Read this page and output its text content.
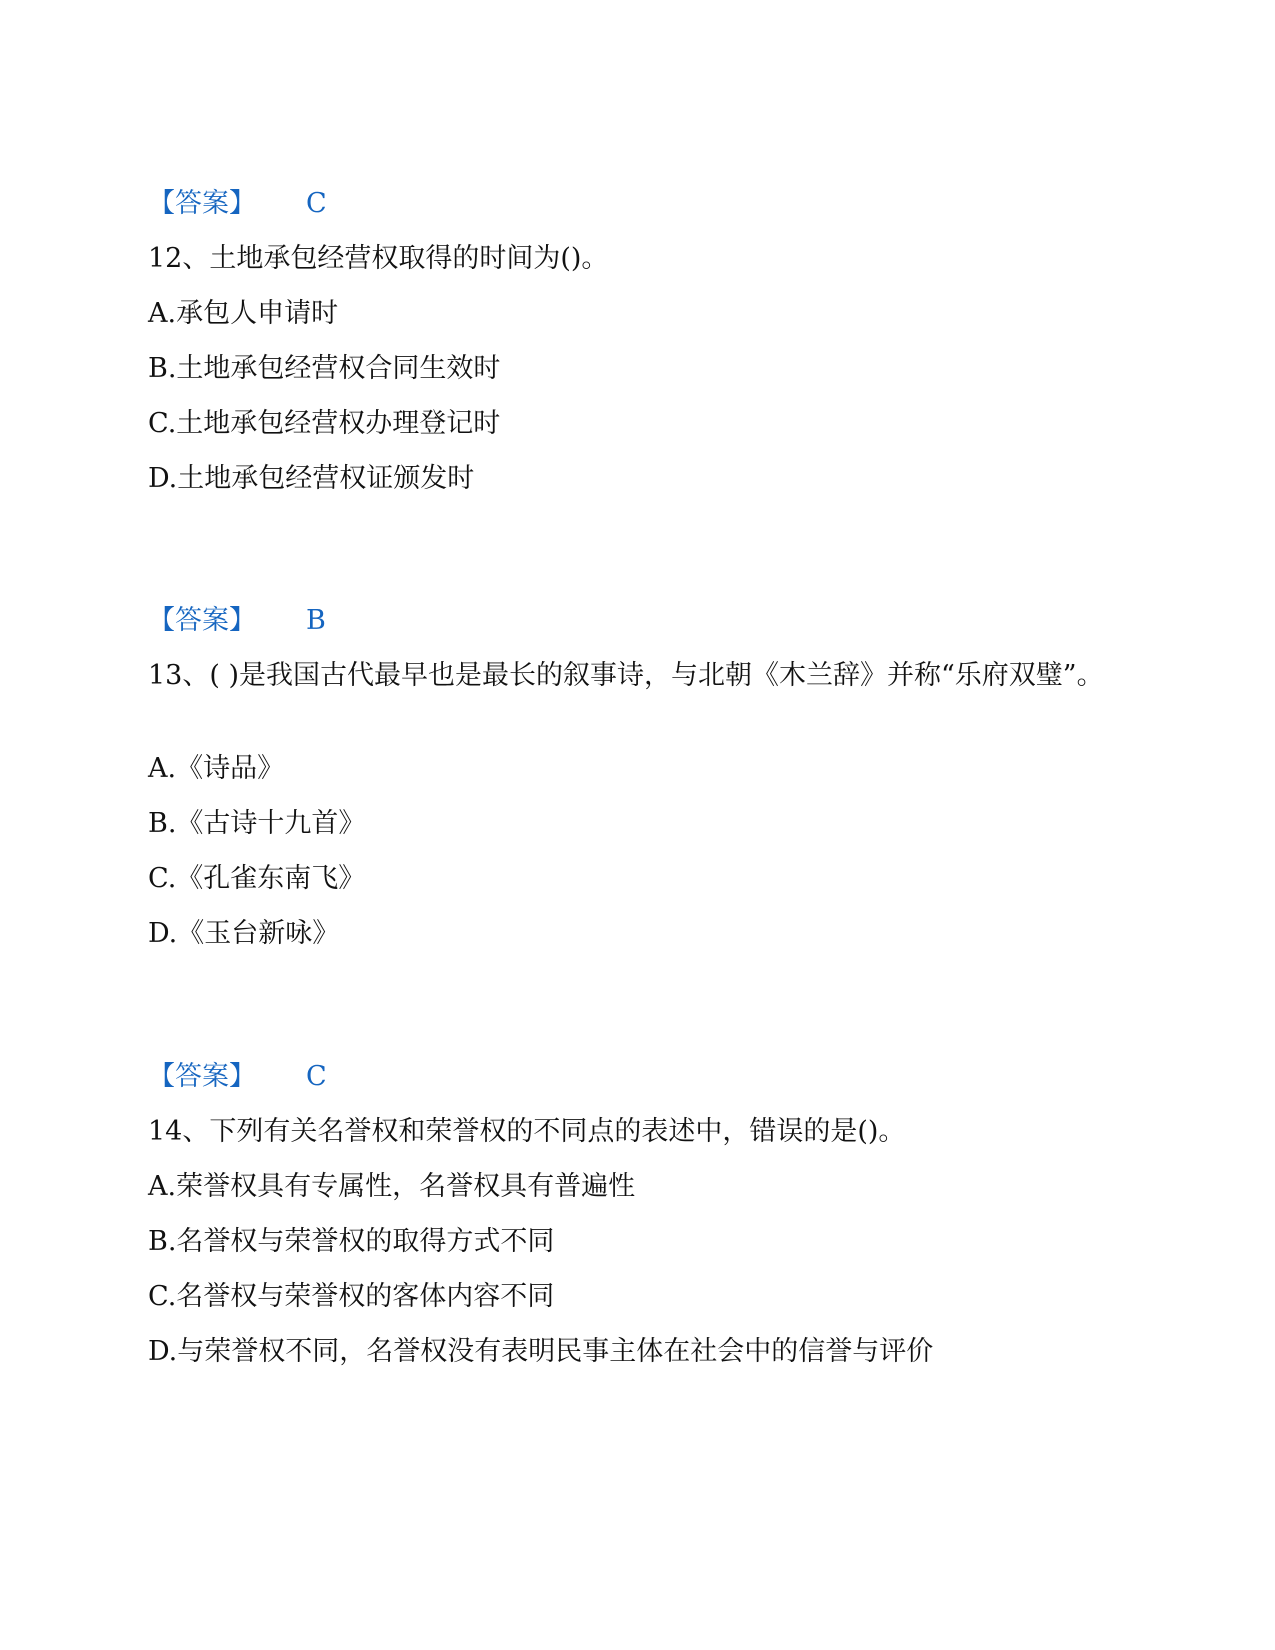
【答案】 C
12、土地承包经营权取得的时间为()。
A.承包人申请时
B.土地承包经营权合同生效时
C.土地承包经营权办理登记时
D.土地承包经营权证颁发时
【答案】 B
13、( )是我国古代最早也是最长的叙事诗，与北朝《木兰辞》并称“乐府双璧”。
A.《诗品》
B.《古诗十九首》
C.《孔雀东南飞》
D.《玉台新咏》
【答案】 C
14、下列有关名誉权和荣誉权的不同点的表述中，错误的是()。
A.荣誉权具有专属性，名誉权具有普遍性
B.名誉权与荣誉权的取得方式不同
C.名誉权与荣誉权的客体内容不同
D.与荣誉权不同，名誉权没有表明民事主体在社会中的信誉与评价
